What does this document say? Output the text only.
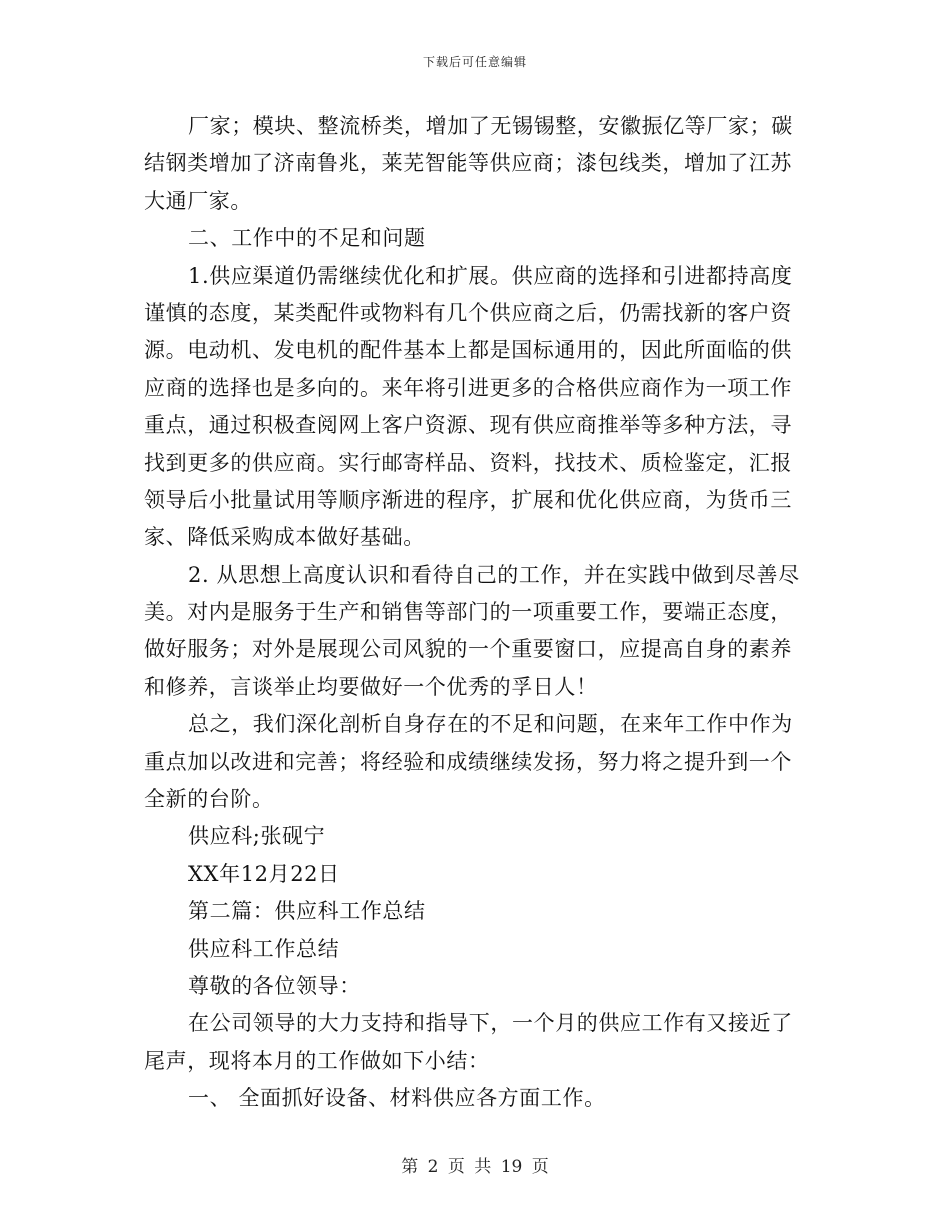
下载后可任意编辑
厂家；模块、整流桥类，增加了无锡锡整，安徽振亿等厂家；碳
结钢类增加了济南鲁兆，莱芜智能等供应商；漆包线类，增加了江苏
大通厂家。
二、工作中的不足和问题
1.供应渠道仍需继续优化和扩展。供应商的选择和引进都持高度
谨慎的态度，某类配件或物料有几个供应商之后，仍需找新的客户资
源。电动机、发电机的配件基本上都是国标通用的，因此所面临的供
应商的选择也是多向的。来年将引进更多的合格供应商作为一项工作
重点，通过积极查阅网上客户资源、现有供应商推举等多种方法，寻
找到更多的供应商。实行邮寄样品、资料，找技术、质检鉴定，汇报
领导后小批量试用等顺序渐进的程序，扩展和优化供应商，为货币三
家、降低采购成本做好基础。
2. 从思想上高度认识和看待自己的工作，并在实践中做到尽善尽
美。对内是服务于生产和销售等部门的一项重要工作，要端正态度，
做好服务；对外是展现公司风貌的一个重要窗口，应提高自身的素养
和修养，言谈举止均要做好一个优秀的孚日人！
总之，我们深化剖析自身存在的不足和问题，在来年工作中作为
重点加以改进和完善；将经验和成绩继续发扬，努力将之提升到一个
全新的台阶。
供应科;张砚宁
XX年12月22日
第二篇：供应科工作总结
供应科工作总结
尊敬的各位领导：
在公司领导的大力支持和指导下，一个月的供应工作有又接近了
尾声，现将本月的工作做如下小结：
一、 全面抓好设备、材料供应各方面工作。
第 2 页 共 19 页
